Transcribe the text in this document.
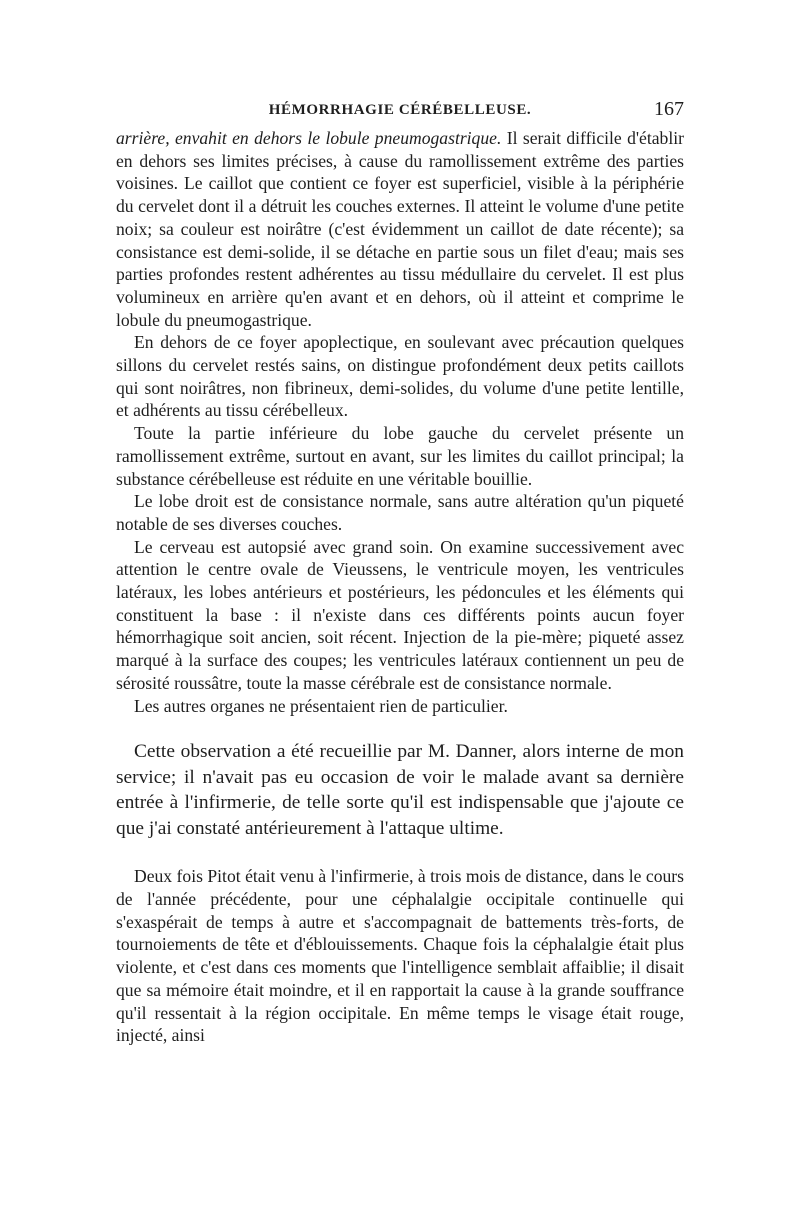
HÉMORRHAGIE CÉRÉBELLEUSE.	167

arrière, envahit en dehors le lobule pneumogastrique. Il serait difficile d'établir en dehors ses limites précises, à cause du ramollissement extrême des parties voisines. Le caillot que contient ce foyer est superficiel, visible à la périphérie du cervelet dont il a détruit les couches externes. Il atteint le volume d'une petite noix; sa couleur est noirâtre (c'est évidemment un caillot de date récente); sa consistance est demi-solide, il se détache en partie sous un filet d'eau; mais ses parties profondes restent adhérentes au tissu médullaire du cervelet. Il est plus volumineux en arrière qu'en avant et en dehors, où il atteint et comprime le lobule du pneumogastrique.

En dehors de ce foyer apoplectique, en soulevant avec précaution quelques sillons du cervelet restés sains, on distingue profondément deux petits caillots qui sont noirâtres, non fibrineux, demi-solides, du volume d'une petite lentille, et adhérents au tissu cérébelleux.

Toute la partie inférieure du lobe gauche du cervelet présente un ramollissement extrême, surtout en avant, sur les limites du caillot principal; la substance cérébelleuse est réduite en une véritable bouillie.

Le lobe droit est de consistance normale, sans autre altération qu'un piqueté notable de ses diverses couches.

Le cerveau est autopsié avec grand soin. On examine successivement avec attention le centre ovale de Vieussens, le ventricule moyen, les ventricules latéraux, les lobes antérieurs et postérieurs, les pédoncules et les éléments qui constituent la base : il n'existe dans ces différents points aucun foyer hémorrhagique soit ancien, soit récent. Injection de la pie-mère; piqueté assez marqué à la surface des coupes; les ventricules latéraux contiennent un peu de sérosité roussâtre, toute la masse cérébrale est de consistance normale.

Les autres organes ne présentaient rien de particulier.

Cette observation a été recueillie par M. Danner, alors interne de mon service; il n'avait pas eu occasion de voir le malade avant sa dernière entrée à l'infirmerie, de telle sorte qu'il est indispensable que j'ajoute ce que j'ai constaté antérieurement à l'attaque ultime.

Deux fois Pitot était venu à l'infirmerie, à trois mois de distance, dans le cours de l'année précédente, pour une céphalalgie occipitale continuelle qui s'exaspérait de temps à autre et s'accompagnait de battements très-forts, de tournoiements de tête et d'éblouissements. Chaque fois la céphalalgie était plus violente, et c'est dans ces moments que l'intelligence semblait affaiblie; il disait que sa mémoire était moindre, et il en rapportait la cause à la grande souffrance qu'il ressentait à la région occipitale. En même temps le visage était rouge, injecté, ainsi
